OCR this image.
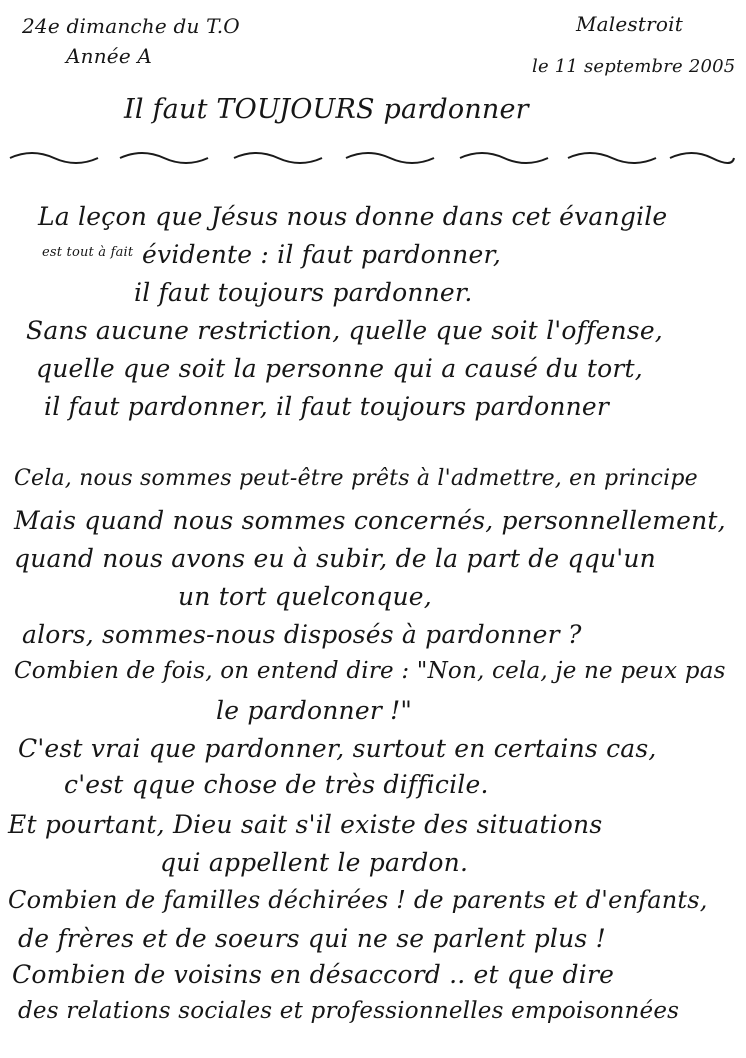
24e dimanche du T.O
Année A
Malestroit
le 11 septembre 2005
Il faut TOUJOURS pardonner
La leçon que Jésus nous donne dans cet évangile
est tout à fait évidente : il faut pardonner,
il faut toujours pardonner.
Sans aucune restriction, quelle que soit l'offense,
quelle que soit la personne qui a causé du tort,
il faut pardonner, il faut toujours pardonner
Cela, nous sommes peut-être prêts à l'admettre, en principe
Mais quand nous sommes concernés, personnellement,
quand nous avons eu à subir, de la part de qqu'un
un tort quelconque,
alors, sommes-nous disposés à pardonner ?
Combien de fois, on entend dire : "Non, cela, je ne peux pas
le pardonner !"
C'est vrai que pardonner, surtout en certains cas,
c'est qque chose de très difficile.
Et pourtant, Dieu sait s'il existe des situations
qui appellent le pardon.
Combien de familles déchirées ! de parents et d'enfants,
de frères et de soeurs qui ne se parlent plus !
Combien de voisins en désaccord .. et que dire
des relations sociales et professionnelles empoisonnées
